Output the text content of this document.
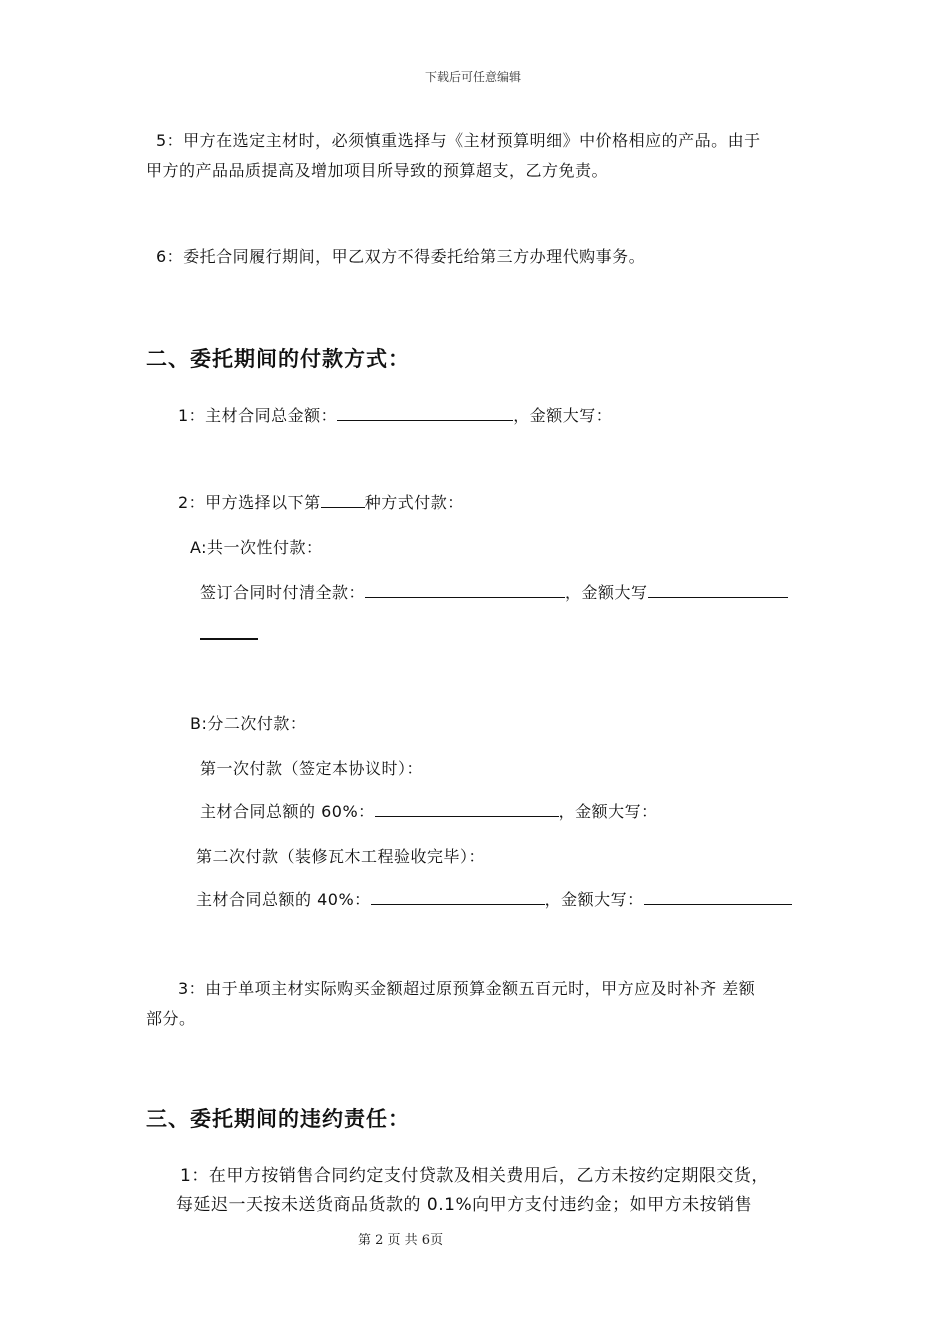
下载后可任意编辑
5：甲方在选定主材时，必须慎重选择与《主材预算明细》中价格相应的产品。由于
甲方的产品品质提高及增加项目所导致的预算超支，乙方免责。
6：委托合同履行期间，甲乙双方不得委托给第三方办理代购事务。
二、委托期间的付款方式：
1：主材合同总金额：	，金额大写：
2：甲方选择以下第	种方式付款：
A:共一次性付款：
签订合同时付清全款：	，金额大写
B:分二次付款：
第一次付款（签定本协议时）：
主材合同总额的 60%：	，金额大写：
第二次付款（装修瓦木工程验收完毕）：
主材合同总额的 40%：	，金额大写：
3：由于单项主材实际购买金额超过原预算金额五百元时，甲方应及时补齐 差额
部分。
三、委托期间的违约责任：
1：在甲方按销售合同约定支付贷款及相关费用后，乙方未按约定期限交货，
每延迟一天按未送货商品货款的 0.1%向甲方支付违约金；如甲方未按销售
第 2 页 共 6页
